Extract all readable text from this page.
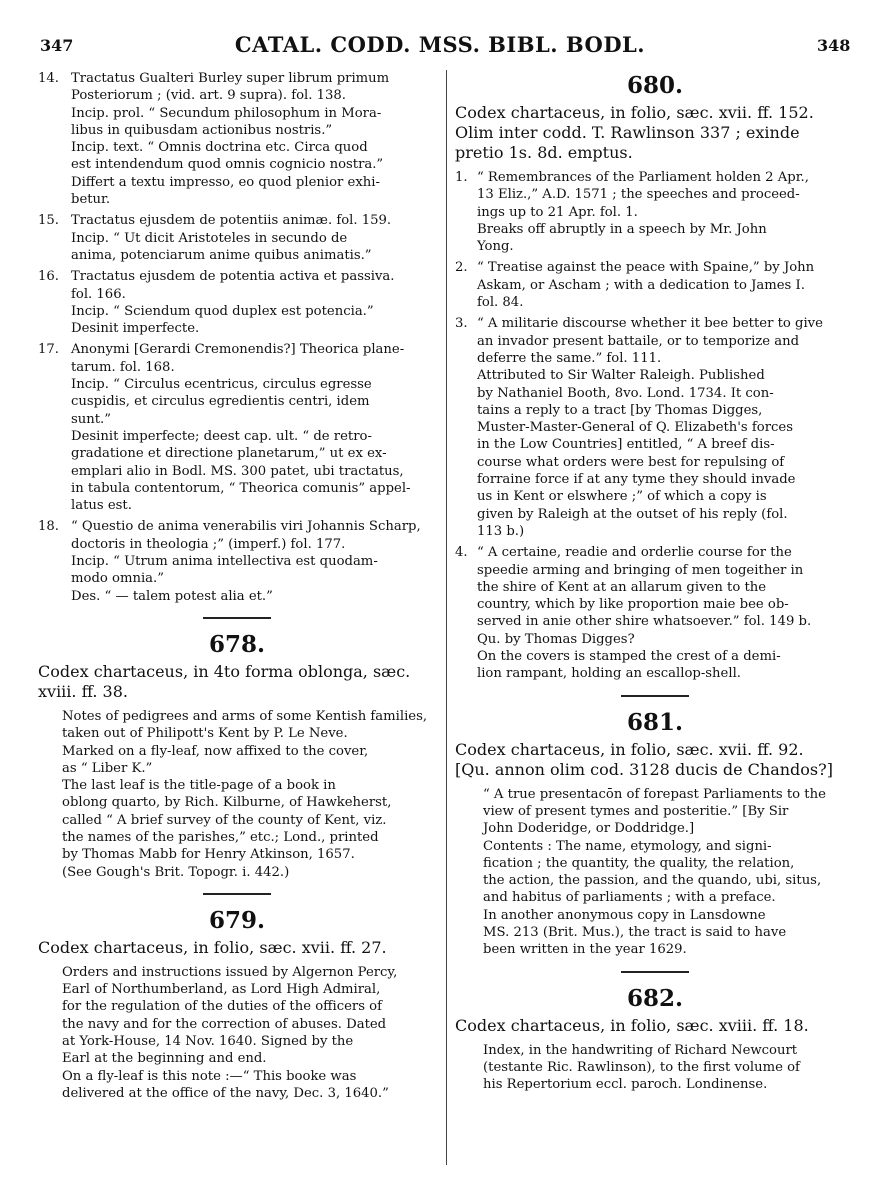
347	CATAL. CODD. MSS. BIBL. BODL.	348
14. Tractatus Gualteri Burley super librum primum
Posteriorum ; (vid. art. 9 supra). fol. 138.
Incip. prol. “ Secundum philosophum in Mora-
libus in quibusdam actionibus nostris.”
Incip. text. “ Omnis doctrina etc. Circa quod
est intendendum quod omnis cognicio nostra.”
Differt a textu impresso, eo quod plenior exhi-
betur.
15. Tractatus ejusdem de potentiis animæ. fol. 159.
Incip. “ Ut dicit Aristoteles in secundo de
anima, potenciarum anime quibus animatis.”
16. Tractatus ejusdem de potentia activa et passiva.
fol. 166.
Incip. “ Sciendum quod duplex est potencia.”
Desinit imperfecte.
17. Anonymi [Gerardi Cremonendis?] Theorica plane-
tarum. fol. 168.
Incip. “ Circulus ecentricus, circulus egresse
cuspidis, et circulus egredientis centri, idem
sunt.”
Desinit imperfecte; deest cap. ult. “ de retro-
gradatione et directione planetarum,” ut ex ex-
emplari alio in Bodl. MS. 300 patet, ubi tractatus,
in tabula contentorum, “ Theorica comunis” appel-
latus est.
18. “ Questio de anima venerabilis viri Johannis Scharp,
doctoris in theologia ;” (imperf.) fol. 177.
Incip. “ Utrum anima intellectiva est quodam-
modo omnia.”
Des. “ — talem potest alia et.”
678.
Codex chartaceus, in 4to forma oblonga, sæc.
xviii. ff. 38.
Notes of pedigrees and arms of some Kentish families,
taken out of Philipott's Kent by P. Le Neve.
Marked on a fly-leaf, now affixed to the cover,
as “ Liber K.”
The last leaf is the title-page of a book in
oblong quarto, by Rich. Kilburne, of Hawkeherst,
called “ A brief survey of the county of Kent, viz.
the names of the parishes,” etc.; Lond., printed
by Thomas Mabb for Henry Atkinson, 1657.
(See Gough's Brit. Topogr. i. 442.)
679.
Codex chartaceus, in folio, sæc. xvii. ff. 27.
Orders and instructions issued by Algernon Percy,
Earl of Northumberland, as Lord High Admiral,
for the regulation of the duties of the officers of
the navy and for the correction of abuses. Dated
at York-House, 14 Nov. 1640. Signed by the
Earl at the beginning and end.
On a fly-leaf is this note :—“ This booke was
delivered at the office of the navy, Dec. 3, 1640.”
680.
Codex chartaceus, in folio, sæc. xvii. ff. 152.
Olim inter codd. T. Rawlinson 337 ; exinde
pretio 1s. 8d. emptus.
1. “ Remembrances of the Parliament holden 2 Apr.,
13 Eliz.,” A.D. 1571 ; the speeches and proceed-
ings up to 21 Apr. fol. 1.
Breaks off abruptly in a speech by Mr. John
Yong.
2. “ Treatise against the peace with Spaine,” by John
Askam, or Ascham ; with a dedication to James I.
fol. 84.
3. “ A militarie discourse whether it bee better to give
an invador present battaile, or to temporize and
deferre the same.” fol. 111.
Attributed to Sir Walter Raleigh. Published
by Nathaniel Booth, 8vo. Lond. 1734. It con-
tains a reply to a tract [by Thomas Digges,
Muster-Master-General of Q. Elizabeth's forces
in the Low Countries] entitled, “ A breef dis-
course what orders were best for repulsing of
forraine force if at any tyme they should invade
us in Kent or elswhere ;” of which a copy is
given by Raleigh at the outset of his reply (fol.
113 b.)
4. “ A certaine, readie and orderlie course for the
speedie arming and bringing of men togeither in
the shire of Kent at an allarum given to the
country, which by like proportion maie bee ob-
served in anie other shire whatsoever.” fol. 149 b.
Qu. by Thomas Digges?
On the covers is stamped the crest of a demi-
lion rampant, holding an escallop-shell.
681.
Codex chartaceus, in folio, sæc. xvii. ff. 92.
[Qu. annon olim cod. 3128 ducis de Chandos?]
“ A true presentacōn of forepast Parliaments to the
view of present tymes and posteritie.” [By Sir
John Doderidge, or Doddridge.]
Contents : The name, etymology, and signi-
fication ; the quantity, the quality, the relation,
the action, the passion, and the quando, ubi, situs,
and habitus of parliaments ; with a preface.
In another anonymous copy in Lansdowne
MS. 213 (Brit. Mus.), the tract is said to have
been written in the year 1629.
682.
Codex chartaceus, in folio, sæc. xviii. ff. 18.
Index, in the handwriting of Richard Newcourt
(testante Ric. Rawlinson), to the first volume of
his Repertorium eccl. paroch. Londinense.
